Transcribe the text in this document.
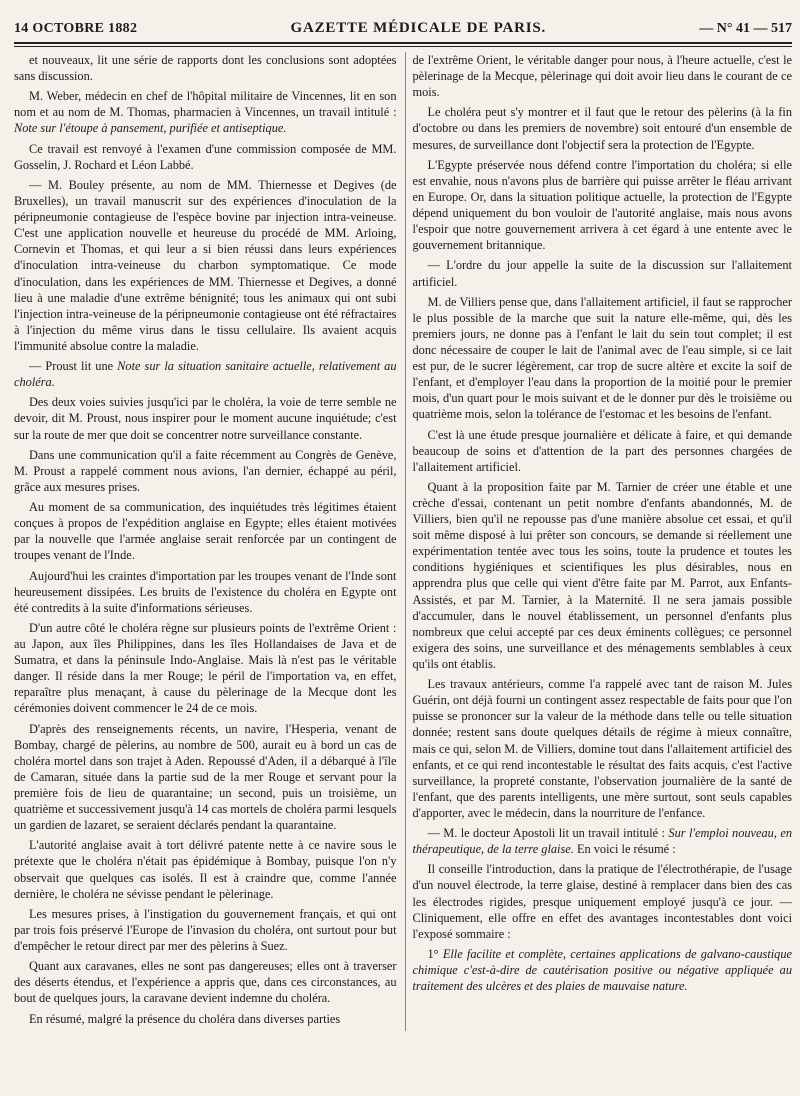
14 OCTOBRE 1882	GAZETTE MÉDICALE DE PARIS.	— N° 41 — 517

et nouveaux, lit une série de rapports dont les conclusions sont adoptées sans discussion.

M. Weber, médecin en chef de l'hôpital militaire de Vincennes, lit en son nom et au nom de M. Thomas, pharmacien à Vincennes, un travail intitulé : Note sur l'étoupe à pansement, purifiée et antiseptique.

Ce travail est renvoyé à l'examen d'une commission composée de MM. Gosselin, J. Rochard et Léon Labbé.

— M. Bouley présente, au nom de MM. Thiernesse et Degives (de Bruxelles), un travail manuscrit sur des expériences d'inoculation de la péripneumonie contagieuse de l'espèce bovine par injection intra-veineuse. C'est une application nouvelle et heureuse du procédé de MM. Arloing, Cornevin et Thomas, et qui leur a si bien réussi dans leurs expériences d'inoculation intra-veineuse du charbon symptomatique. Ce mode d'inoculation, dans les expériences de MM. Thiernesse et Degives, a donné lieu à une maladie d'une extrême bénignité; tous les animaux qui ont subi l'injection intra-veineuse de la péripneumonie contagieuse ont été réfractaires à l'injection du même virus dans le tissu cellulaire. Ils avaient acquis l'immunité absolue contre la maladie.

— Proust lit une Note sur la situation sanitaire actuelle, relativement au choléra.

Des deux voies suivies jusqu'ici par le choléra, la voie de terre semble ne devoir, dit M. Proust, nous inspirer pour le moment aucune inquiétude; c'est sur la route de mer que doit se concentrer notre surveillance constante.

Dans une communication qu'il a faite récemment au Congrès de Genève, M. Proust a rappelé comment nous avions, l'an dernier, échappé au péril, grâce aux mesures prises.

Au moment de sa communication, des inquiétudes très légitimes étaient conçues à propos de l'expédition anglaise en Egypte; elles étaient motivées par la nouvelle que l'armée anglaise serait renforcée par un contingent de troupes venant de l'Inde.

Aujourd'hui les craintes d'importation par les troupes venant de l'Inde sont heureusement dissipées. Les bruits de l'existence du choléra en Egypte ont été contredits à la suite d'informations sérieuses.

D'un autre côté le choléra règne sur plusieurs points de l'extrême Orient : au Japon, aux îles Philippines, dans les îles Hollandaises de Java et de Sumatra, et dans la péninsule Indo-Anglaise. Mais là n'est pas le véritable danger. Il réside dans la mer Rouge; le péril de l'importation va, en effet, reparaître plus menaçant, à cause du pèlerinage de la Mecque dont les cérémonies doivent commencer le 24 de ce mois.

D'après des renseignements récents, un navire, l'Hesperia, venant de Bombay, chargé de pèlerins, au nombre de 500, aurait eu à bord un cas de choléra mortel dans son trajet à Aden. Repoussé d'Aden, il a débarqué à l'île de Camaran, située dans la partie sud de la mer Rouge et servant pour la première fois de lieu de quarantaine; un second, puis un troisième, un quatrième et successivement jusqu'à 14 cas mortels de choléra parmi lesquels un gardien de lazaret, se seraient déclarés pendant la quarantaine.

L'autorité anglaise avait à tort délivré patente nette à ce navire sous le prétexte que le choléra n'était pas épidémique à Bombay, puisque l'on n'y observait que quelques cas isolés. Il est à craindre que, comme l'année dernière, le choléra ne sévisse pendant le pèlerinage.

Les mesures prises, à l'instigation du gouvernement français, et qui ont par trois fois préservé l'Europe de l'invasion du choléra, ont surtout pour but d'empêcher le retour direct par mer des pèlerins à Suez.

Quant aux caravanes, elles ne sont pas dangereuses; elles ont à traverser des déserts étendus, et l'expérience a appris que, dans ces circonstances, au bout de quelques jours, la caravane devient indemne du choléra.

En résumé, malgré la présence du choléra dans diverses parties

de l'extrême Orient, le véritable danger pour nous, à l'heure actuelle, c'est le pèlerinage de la Mecque, pèlerinage qui doit avoir lieu dans le courant de ce mois.

Le choléra peut s'y montrer et il faut que le retour des pèlerins (à la fin d'octobre ou dans les premiers de novembre) soit entouré d'un ensemble de mesures, de surveillance dont l'objectif sera la protection de l'Egypte.

L'Egypte préservée nous défend contre l'importation du choléra; si elle est envahie, nous n'avons plus de barrière qui puisse arrêter le fléau arrivant en Europe. Or, dans la situation politique actuelle, la protection de l'Egypte dépend uniquement du bon vouloir de l'autorité anglaise, mais nous avons l'espoir que notre gouvernement arrivera à cet égard à une entente avec le gouvernement britannique.

— L'ordre du jour appelle la suite de la discussion sur l'allaitement artificiel.

M. de Villiers pense que, dans l'allaitement artificiel, il faut se rapprocher le plus possible de la marche que suit la nature elle-même, qui, dès les premiers jours, ne donne pas à l'enfant le lait du sein tout complet; il est donc nécessaire de couper le lait de l'animal avec de l'eau simple, si ce lait est pur, de le sucrer légèrement, car trop de sucre altère et excite la soif de l'enfant, et d'employer l'eau dans la proportion de la moitié pour le premier mois, d'un quart pour le mois suivant et de le donner pur dès le troisième ou quatrième mois, selon la tolérance de l'estomac et les besoins de l'enfant.

C'est là une étude presque journalière et délicate à faire, et qui demande beaucoup de soins et d'attention de la part des personnes chargées de l'allaitement artificiel.

Quant à la proposition faite par M. Tarnier de créer une étable et une crèche d'essai, contenant un petit nombre d'enfants abandonnés, M. de Villiers, bien qu'il ne repousse pas d'une manière absolue cet essai, et qu'il soit même disposé à lui prêter son concours, se demande si réellement une expérimentation tentée avec tous les soins, toute la prudence et toutes les conditions hygiéniques et scientifiques les plus désirables, nous en apprendra plus que celle qui vient d'être faite par M. Parrot, aux Enfants-Assistés, et par M. Tarnier, à la Maternité. Il ne sera jamais possible d'accumuler, dans le nouvel établissement, un personnel d'enfants plus nombreux que celui accepté par ces deux éminents collègues; ce personnel exigera des soins, une surveillance et des ménagements semblables à ceux qu'ils ont établis.

Les travaux antérieurs, comme l'a rappelé avec tant de raison M. Jules Guérin, ont déjà fourni un contingent assez respectable de faits pour que l'on puisse se prononcer sur la valeur de la méthode dans telle ou telle situation donnée; restent sans doute quelques détails de régime à mieux connaître, mais ce qui, selon M. de Villiers, domine tout dans l'allaitement artificiel des enfants, et ce qui rend incontestable le résultat des faits acquis, c'est l'active surveillance, la propreté constante, l'observation journalière de la santé de l'enfant, que des parents intelligents, une mère surtout, sont seuls capables d'apporter, avec le médecin, dans la nourriture de l'enfance.

— M. le docteur Apostoli lit un travail intitulé : Sur l'emploi nouveau, en thérapeutique, de la terre glaise. En voici le résumé :

Il conseille l'introduction, dans la pratique de l'électrothérapie, de l'usage d'un nouvel électrode, la terre glaise, destiné à remplacer dans bien des cas les électrodes rigides, presque uniquement employé jusqu'à ce jour. — Cliniquement, elle offre en effet des avantages incontestables dont voici l'exposé sommaire :

1° Elle facilite et complète, certaines applications de galvano-caustique chimique c'est-à-dire de cautérisation positive ou négative appliquée au traitement des ulcères et des plaies de mauvaise nature.
